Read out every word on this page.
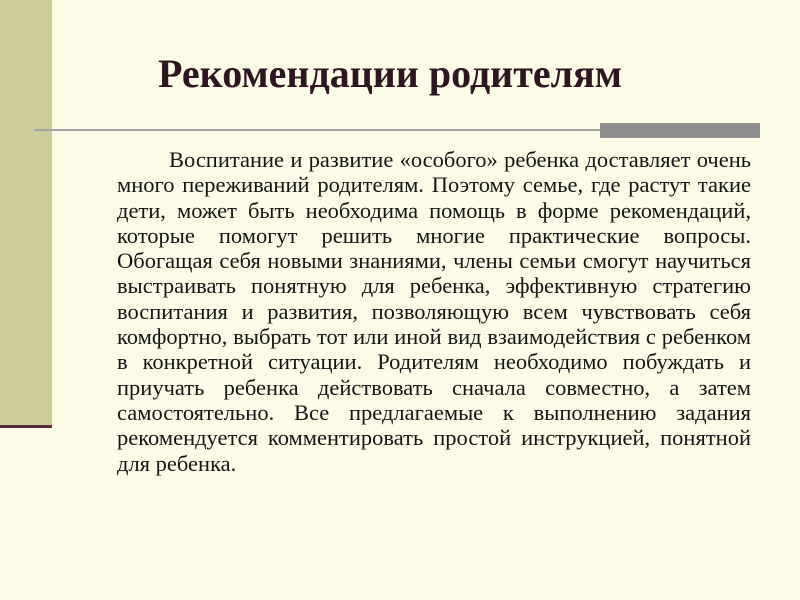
Рекомендации родителям

Воспитание и развитие «особого» ребенка доставляет очень много переживаний родителям. Поэтому семье, где растут такие дети, может быть необходима помощь в форме рекомендаций, которые помогут решить многие практические вопросы. Обогащая себя новыми знаниями, члены семьи смогут научиться выстраивать понятную для ребенка, эффективную стратегию воспитания и развития, позволяющую всем чувствовать себя комфортно, выбрать тот или иной вид взаимодействия с ребенком в конкретной ситуации. Родителям необходимо побуждать и приучать ребенка действовать сначала совместно, а затем самостоятельно. Все предлагаемые к выполнению задания рекомендуется комментировать простой инструкцией, понятной для ребенка.
